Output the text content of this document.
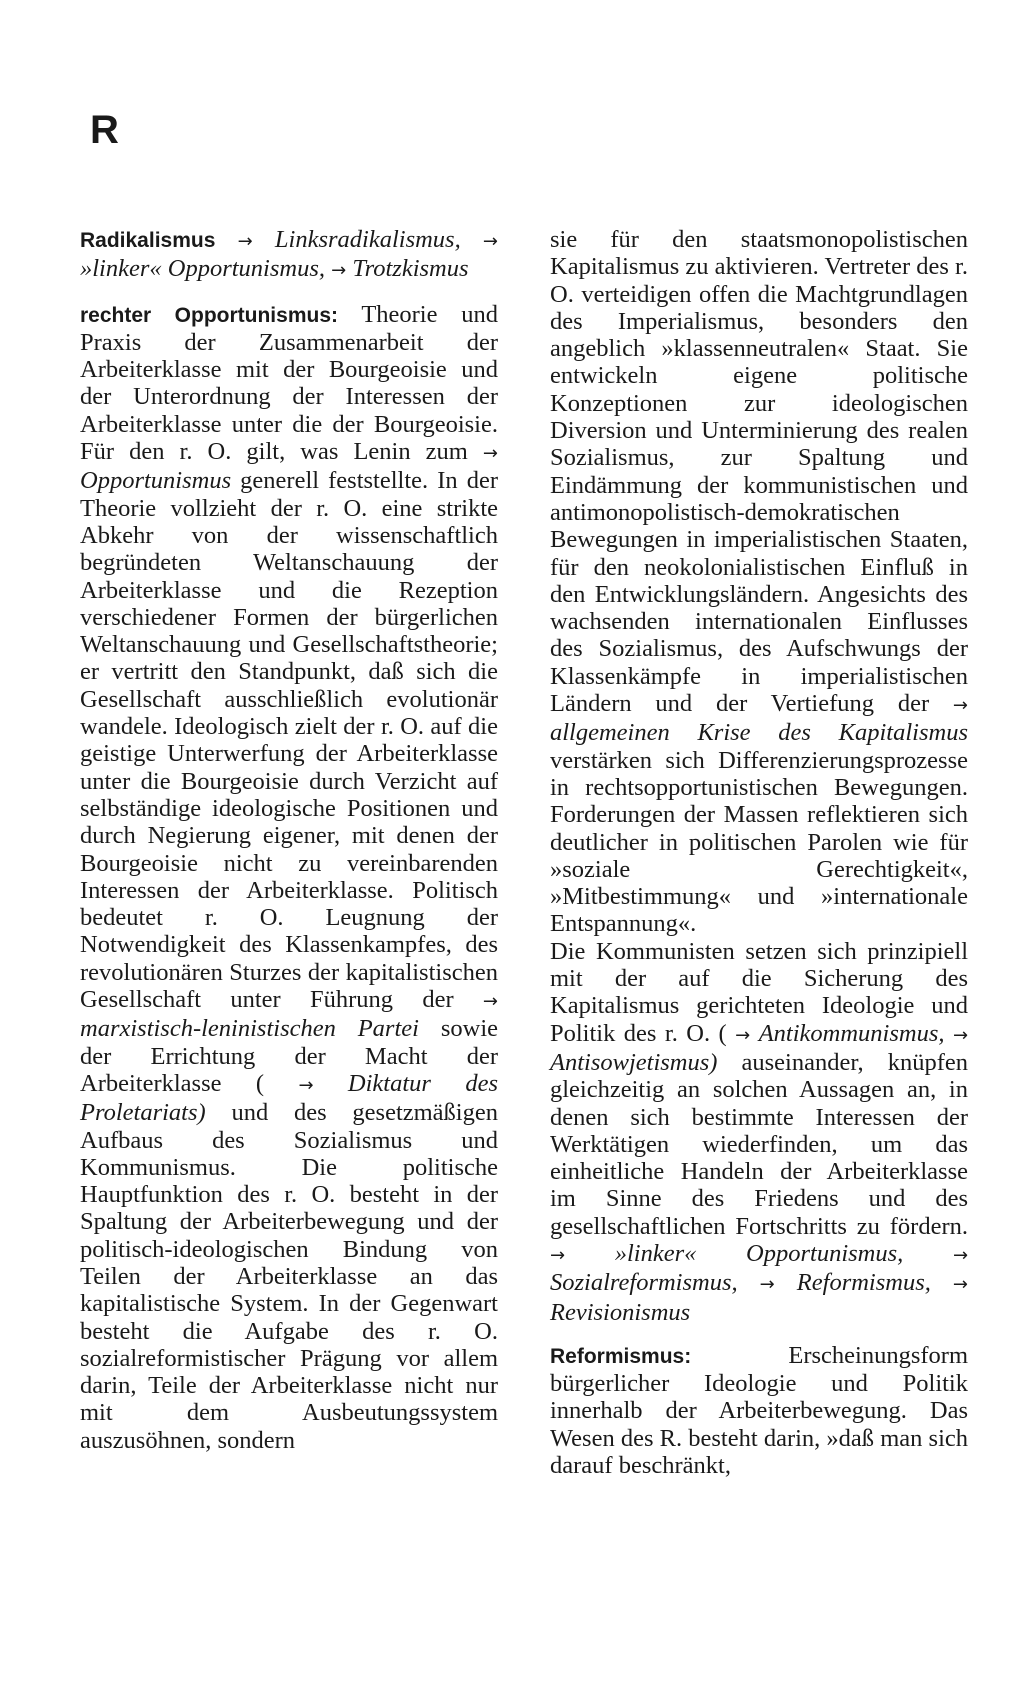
R

Radikalismus → Linksradikalismus, → »linker« Opportunismus, → Trotzkismus

rechter Opportunismus: Theorie und Praxis der Zusammenarbeit der Arbeiterklasse mit der Bourgeoisie und der Unterordnung der Interessen der Arbeiterklasse unter die der Bourgeoisie. Für den r. O. gilt, was Lenin zum → Opportunismus generell feststellte. In der Theorie vollzieht der r. O. eine strikte Abkehr von der wissenschaftlich begründeten Weltanschauung der Arbeiterklasse und die Rezeption verschiedener Formen der bürgerlichen Weltanschauung und Gesellschaftstheorie; er vertritt den Standpunkt, daß sich die Gesellschaft ausschließlich evolutionär wandele. Ideologisch zielt der r. O. auf die geistige Unterwerfung der Arbeiterklasse unter die Bourgeoisie durch Verzicht auf selbständige ideologische Positionen und durch Negierung eigener, mit denen der Bourgeoisie nicht zu vereinbarenden Interessen der Arbeiterklasse. Politisch bedeutet r. O. Leugnung der Notwendigkeit des Klassenkampfes, des revolutionären Sturzes der kapitalistischen Gesellschaft unter Führung der → marxistisch-leninistischen Partei sowie der Errichtung der Macht der Arbeiterklasse ( → Diktatur des Proletariats) und des gesetzmäßigen Aufbaus des Sozialismus und Kommunismus. Die politische Hauptfunktion des r. O. besteht in der Spaltung der Arbeiterbewegung und der politisch-ideologischen Bindung von Teilen der Arbeiterklasse an das kapitalistische System. In der Gegenwart besteht die Aufgabe des r. O. sozialreformistischer Prägung vor allem darin, Teile der Arbeiterklasse nicht nur mit dem Ausbeutungssystem auszusöhnen, sondern

sie für den staatsmonopolistischen Kapitalismus zu aktivieren. Vertreter des r. O. verteidigen offen die Machtgrundlagen des Imperialismus, besonders den angeblich »klassenneutralen« Staat. Sie entwickeln eigene politische Konzeptionen zur ideologischen Diversion und Unterminierung des realen Sozialismus, zur Spaltung und Eindämmung der kommunistischen und antimonopolistisch-demokratischen Bewegungen in imperialistischen Staaten, für den neokolonialistischen Einfluß in den Entwicklungsländern. Angesichts des wachsenden internationalen Einflusses des Sozialismus, des Aufschwungs der Klassenkämpfe in imperialistischen Ländern und der Vertiefung der → allgemeinen Krise des Kapitalismus verstärken sich Differenzierungsprozesse in rechtsopportunistischen Bewegungen. Forderungen der Massen reflektieren sich deutlicher in politischen Parolen wie für »soziale Gerechtigkeit«, »Mitbestimmung« und »internationale Entspannung«.

Die Kommunisten setzen sich prinzipiell mit der auf die Sicherung des Kapitalismus gerichteten Ideologie und Politik des r. O. ( → Antikommunismus, → Antisowjetismus) auseinander, knüpfen gleichzeitig an solchen Aussagen an, in denen sich bestimmte Interessen der Werktätigen wiederfinden, um das einheitliche Handeln der Arbeiterklasse im Sinne des Friedens und des gesellschaftlichen Fortschritts zu fördern. → »linker« Opportunismus,	→ Sozialreformismus, → Reformismus, → Revisionismus

Reformismus:	Erscheinungsform bürgerlicher Ideologie und Politik innerhalb der Arbeiterbewegung. Das Wesen des R. besteht darin, »daß man sich darauf beschränkt,
